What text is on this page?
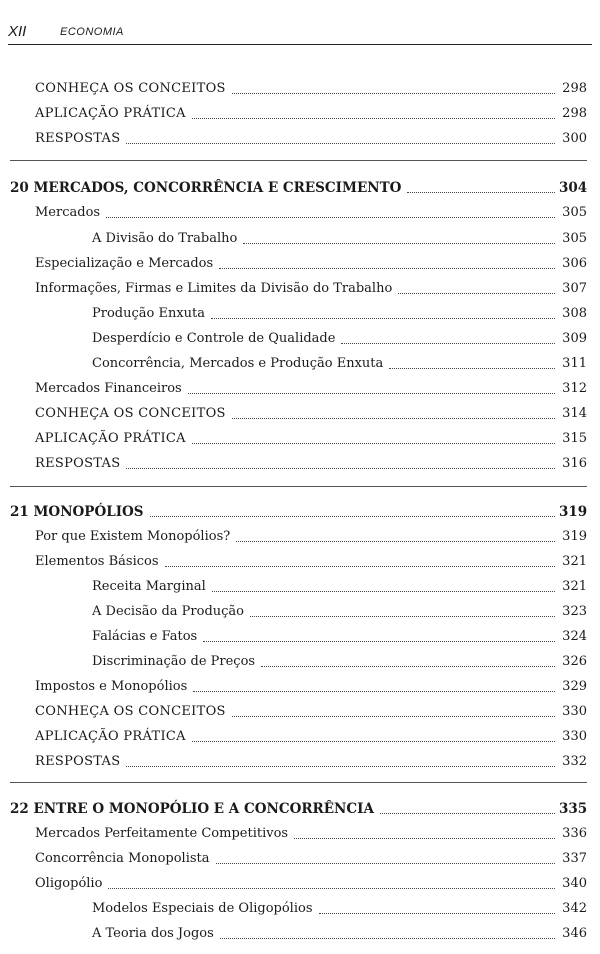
XII	ECONOMIA
CONHEÇA OS CONCEITOS	298
APLICAÇÃO PRÁTICA	298
RESPOSTAS	300
20 MERCADOS, CONCORRÊNCIA E CRESCIMENTO	304
Mercados	305
A Divisão do Trabalho	305
Especialização e Mercados	306
Informações, Firmas e Limites da Divisão do Trabalho	307
Produção Enxuta	308
Desperdício e Controle de Qualidade	309
Concorrência, Mercados e Produção Enxuta	311
Mercados Financeiros	312
CONHEÇA OS CONCEITOS	314
APLICAÇÃO PRÁTICA	315
RESPOSTAS	316
21 MONOPÓLIOS	319
Por que Existem Monopólios?	319
Elementos Básicos	321
Receita Marginal	321
A Decisão da Produção	323
Falácias e Fatos	324
Discriminação de Preços	326
Impostos e Monopólios	329
CONHEÇA OS CONCEITOS	330
APLICAÇÃO PRÁTICA	330
RESPOSTAS	332
22 ENTRE O MONOPÓLIO E A CONCORRÊNCIA	335
Mercados Perfeitamente Competitivos	336
Concorrência Monopolista	337
Oligopólio	340
Modelos Especiais de Oligopólios	342
A Teoria dos Jogos	346
